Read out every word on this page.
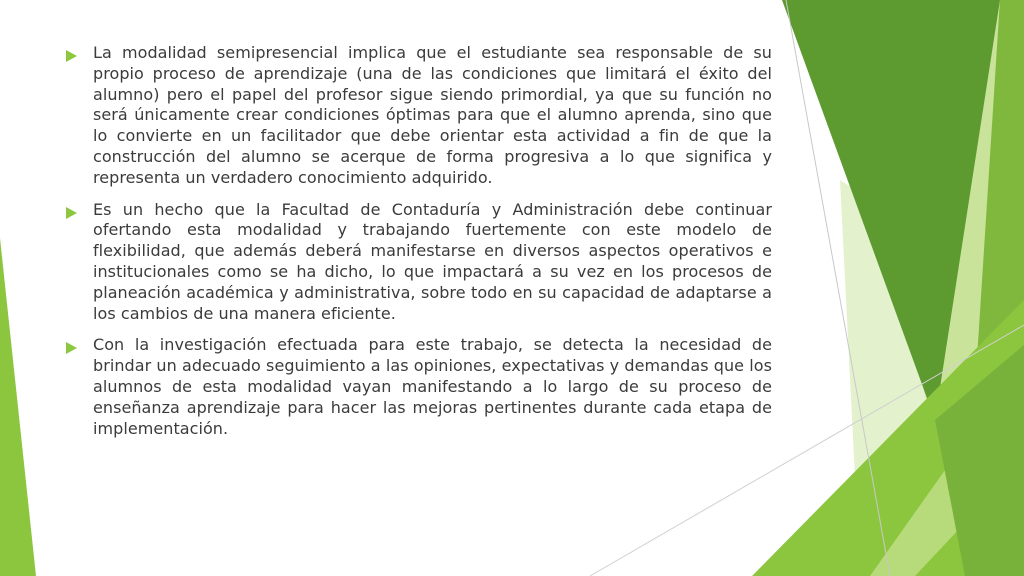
La modalidad semipresencial implica que el estudiante sea responsable de su propio proceso de aprendizaje (una de las condiciones que limitará el éxito del alumno) pero el papel del profesor sigue siendo primordial, ya que su función no será únicamente crear condiciones óptimas para que el alumno aprenda, sino que lo convierte en un facilitador que debe orientar esta actividad a fin de que la construcción del alumno se acerque de forma progresiva a lo que significa y representa un verdadero conocimiento adquirido.
Es un hecho que la Facultad de Contaduría y Administración debe continuar ofertando esta modalidad y trabajando fuertemente con este modelo de flexibilidad, que además deberá manifestarse en diversos aspectos operativos e institucionales como se ha dicho, lo que impactará a su vez en los procesos de planeación académica y administrativa, sobre todo en su capacidad de adaptarse a los cambios de una manera eficiente.
Con la investigación efectuada para este trabajo, se detecta la necesidad de brindar un adecuado seguimiento a las opiniones, expectativas y demandas que los alumnos de esta modalidad vayan manifestando a lo largo de su proceso de enseñanza aprendizaje para hacer las mejoras pertinentes durante cada etapa de implementación.
